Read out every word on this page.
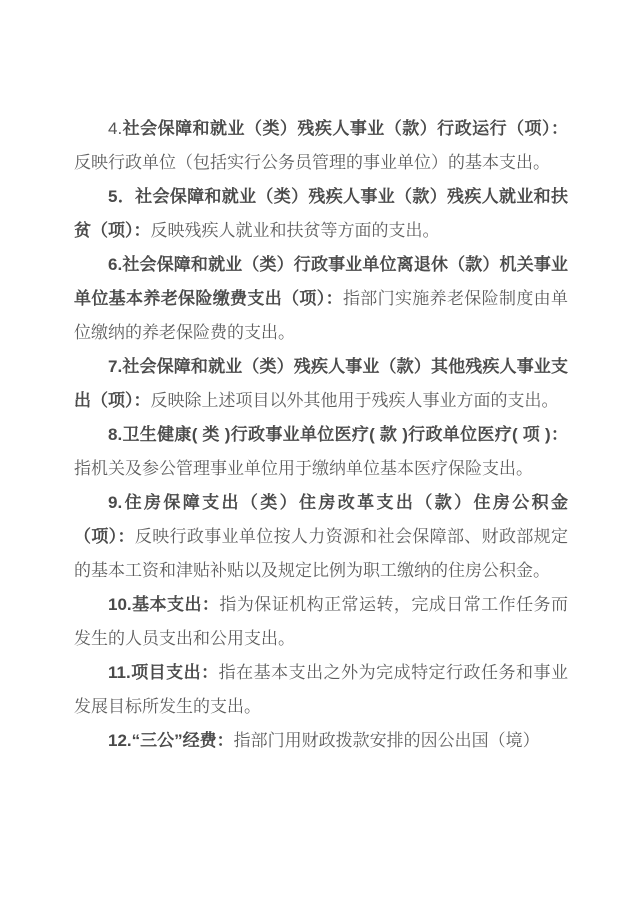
4.社会保障和就业（类）残疾人事业（款）行政运行（项）：反映行政单位（包括实行公务员管理的事业单位）的基本支出。

5．社会保障和就业（类）残疾人事业（款）残疾人就业和扶贫（项）：反映残疾人就业和扶贫等方面的支出。

6.社会保障和就业（类）行政事业单位离退休（款）机关事业单位基本养老保险缴费支出（项）：指部门实施养老保险制度由单位缴纳的养老保险费的支出。

7.社会保障和就业（类）残疾人事业（款）其他残疾人事业支出（项）：反映除上述项目以外其他用于残疾人事业方面的支出。

8.卫生健康( 类 )行政事业单位医疗( 款 )行政单位医疗( 项 )：指机关及参公管理事业单位用于缴纳单位基本医疗保险支出。

9.住房保障支出（类）住房改革支出（款）住房公积金（项）：反映行政事业单位按人力资源和社会保障部、财政部规定的基本工资和津贴补贴以及规定比例为职工缴纳的住房公积金。

10.基本支出：指为保证机构正常运转，完成日常工作任务而发生的人员支出和公用支出。

11.项目支出：指在基本支出之外为完成特定行政任务和事业发展目标所发生的支出。

12.“三公”经费：指部门用财政拨款安排的因公出国（境）
